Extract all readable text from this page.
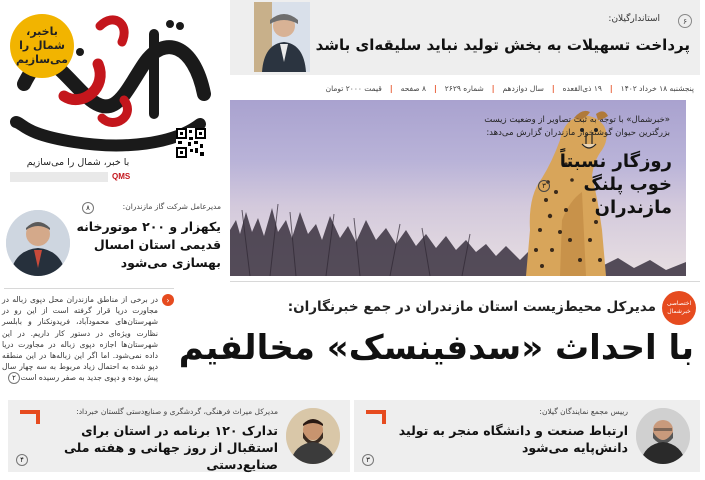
باخبر، شمال را می‌سازیم
با خبر، شمال را می‌سازیم
QMS
۶
استاندارگیلان:
پرداخت تسهیلات به بخش تولید نباید سلیقه‌ای باشد
پنجشنبه ۱۸ خرداد ۱۴۰۲
|
۱۹ ذی‌القعده
|
سال دوازدهم
|
شماره ۲۶۲۹
|
۸ صفحه
|
قیمت ۲۰۰۰ تومان
«خبرشمال» با توجه به ثبت تصاویر از وضعیت زیست بزرگترین حیوان گوشتخوار مازندران گزارش می‌دهد:
روزگار نسبتاً خوب پلنگ مازندران
۳
۸	مدیرعامل شرکت گاز مازندران:
یکهزار و ۲۰۰ موتورخانه قدیمی استان امسال بهسازی می‌شود
اختصاصی خبرشمال
مدیرکل محیط‌زیست استان مازندران در جمع خبرنگاران:
با احداث «سدفینسک» مخالفیم
‹
در برخی از مناطق مازندران محل دپوی زباله در مجاورت دریا قرار گرفته است از این رو در شهرستان‌های محمودآباد، فریدونکنار و بابلسر نظارت ویژه‌ای در دستور کار داریم. در این شهرستان‌ها اجازه دپوی زباله در مجاورت دریا داده نمی‌شود. اما اگر این زباله‌ها در این منطقه دپو شده به احتمال زیاد مربوط به سه چهار سال پیش بوده و دپوی جدید به صفر رسیده است.
۲
رییس مجمع نمایندگان گیلان:
ارتباط صنعت و دانشگاه منجر به تولید دانش‌پایه می‌شود
۳
مدیرکل میراث فرهنگی، گردشگری و صنایع‌دستی گلستان خبرداد:
تدارک ۱۲۰ برنامه در استان برای استقبال از روز جهانی و هفته ملی صنایع‌دستی
۴
